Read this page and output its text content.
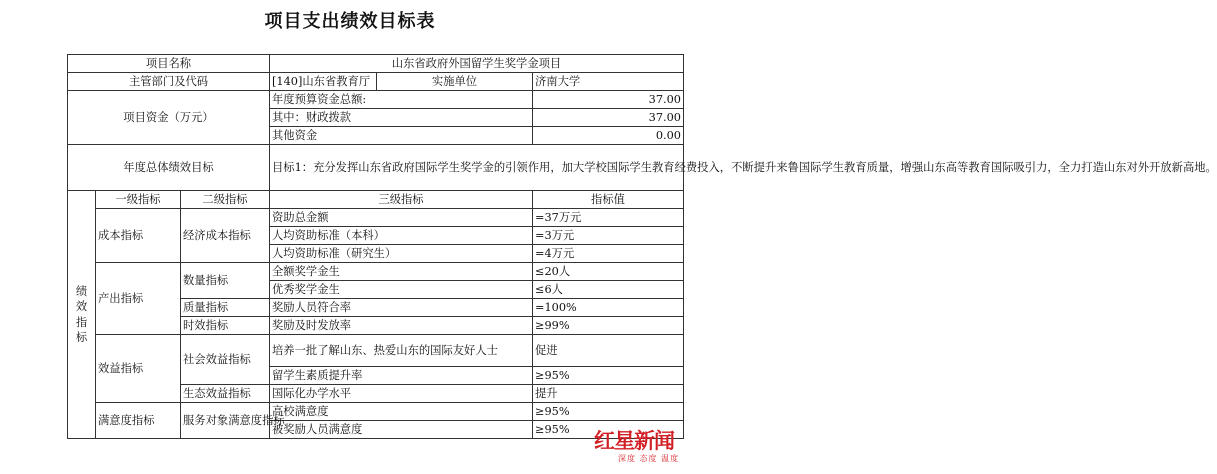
项目支出绩效目标表
项目名称			山东省政府外国留学生奖学金项目		
主管部门及代码			[140]山东省教育厅	实施单位	济南大学
项目资金（万元）			年度预算资金总额:		37.00
			其中：财政拨款		37.00
			其他资金		0.00
年度总体绩效目标			目标1：充分发挥山东省政府国际学生奖学金的引领作用，加大学校国际学生教育经费投入，不断提升来鲁国际学生教育质量，增强山东高等教育国际吸引力，全力打造山东对外开放新高地。		
绩
效
指
标	一级指标	二级指标	三级指标		指标值
	成本指标	经济成本指标	资助总金额		=37万元
			人均资助标准（本科）		=3万元
			人均资助标准（研究生）		=4万元
	产出指标	数量指标	全额奖学金生		≤20人
			优秀奖学金生		≤6人
		质量指标	奖励人员符合率		=100%
		时效指标	奖励及时发放率		≥99%
	效益指标	社会效益指标	培养一批了解山东、热爱山东的国际友好人士		促进
			留学生素质提升率		≥95%
		生态效益指标	国际化办学水平		提升
	满意度指标	服务对象满意度指标	高校满意度		≥95%
			被奖励人员满意度		≥95% 红星新闻
深度 态度 温度
